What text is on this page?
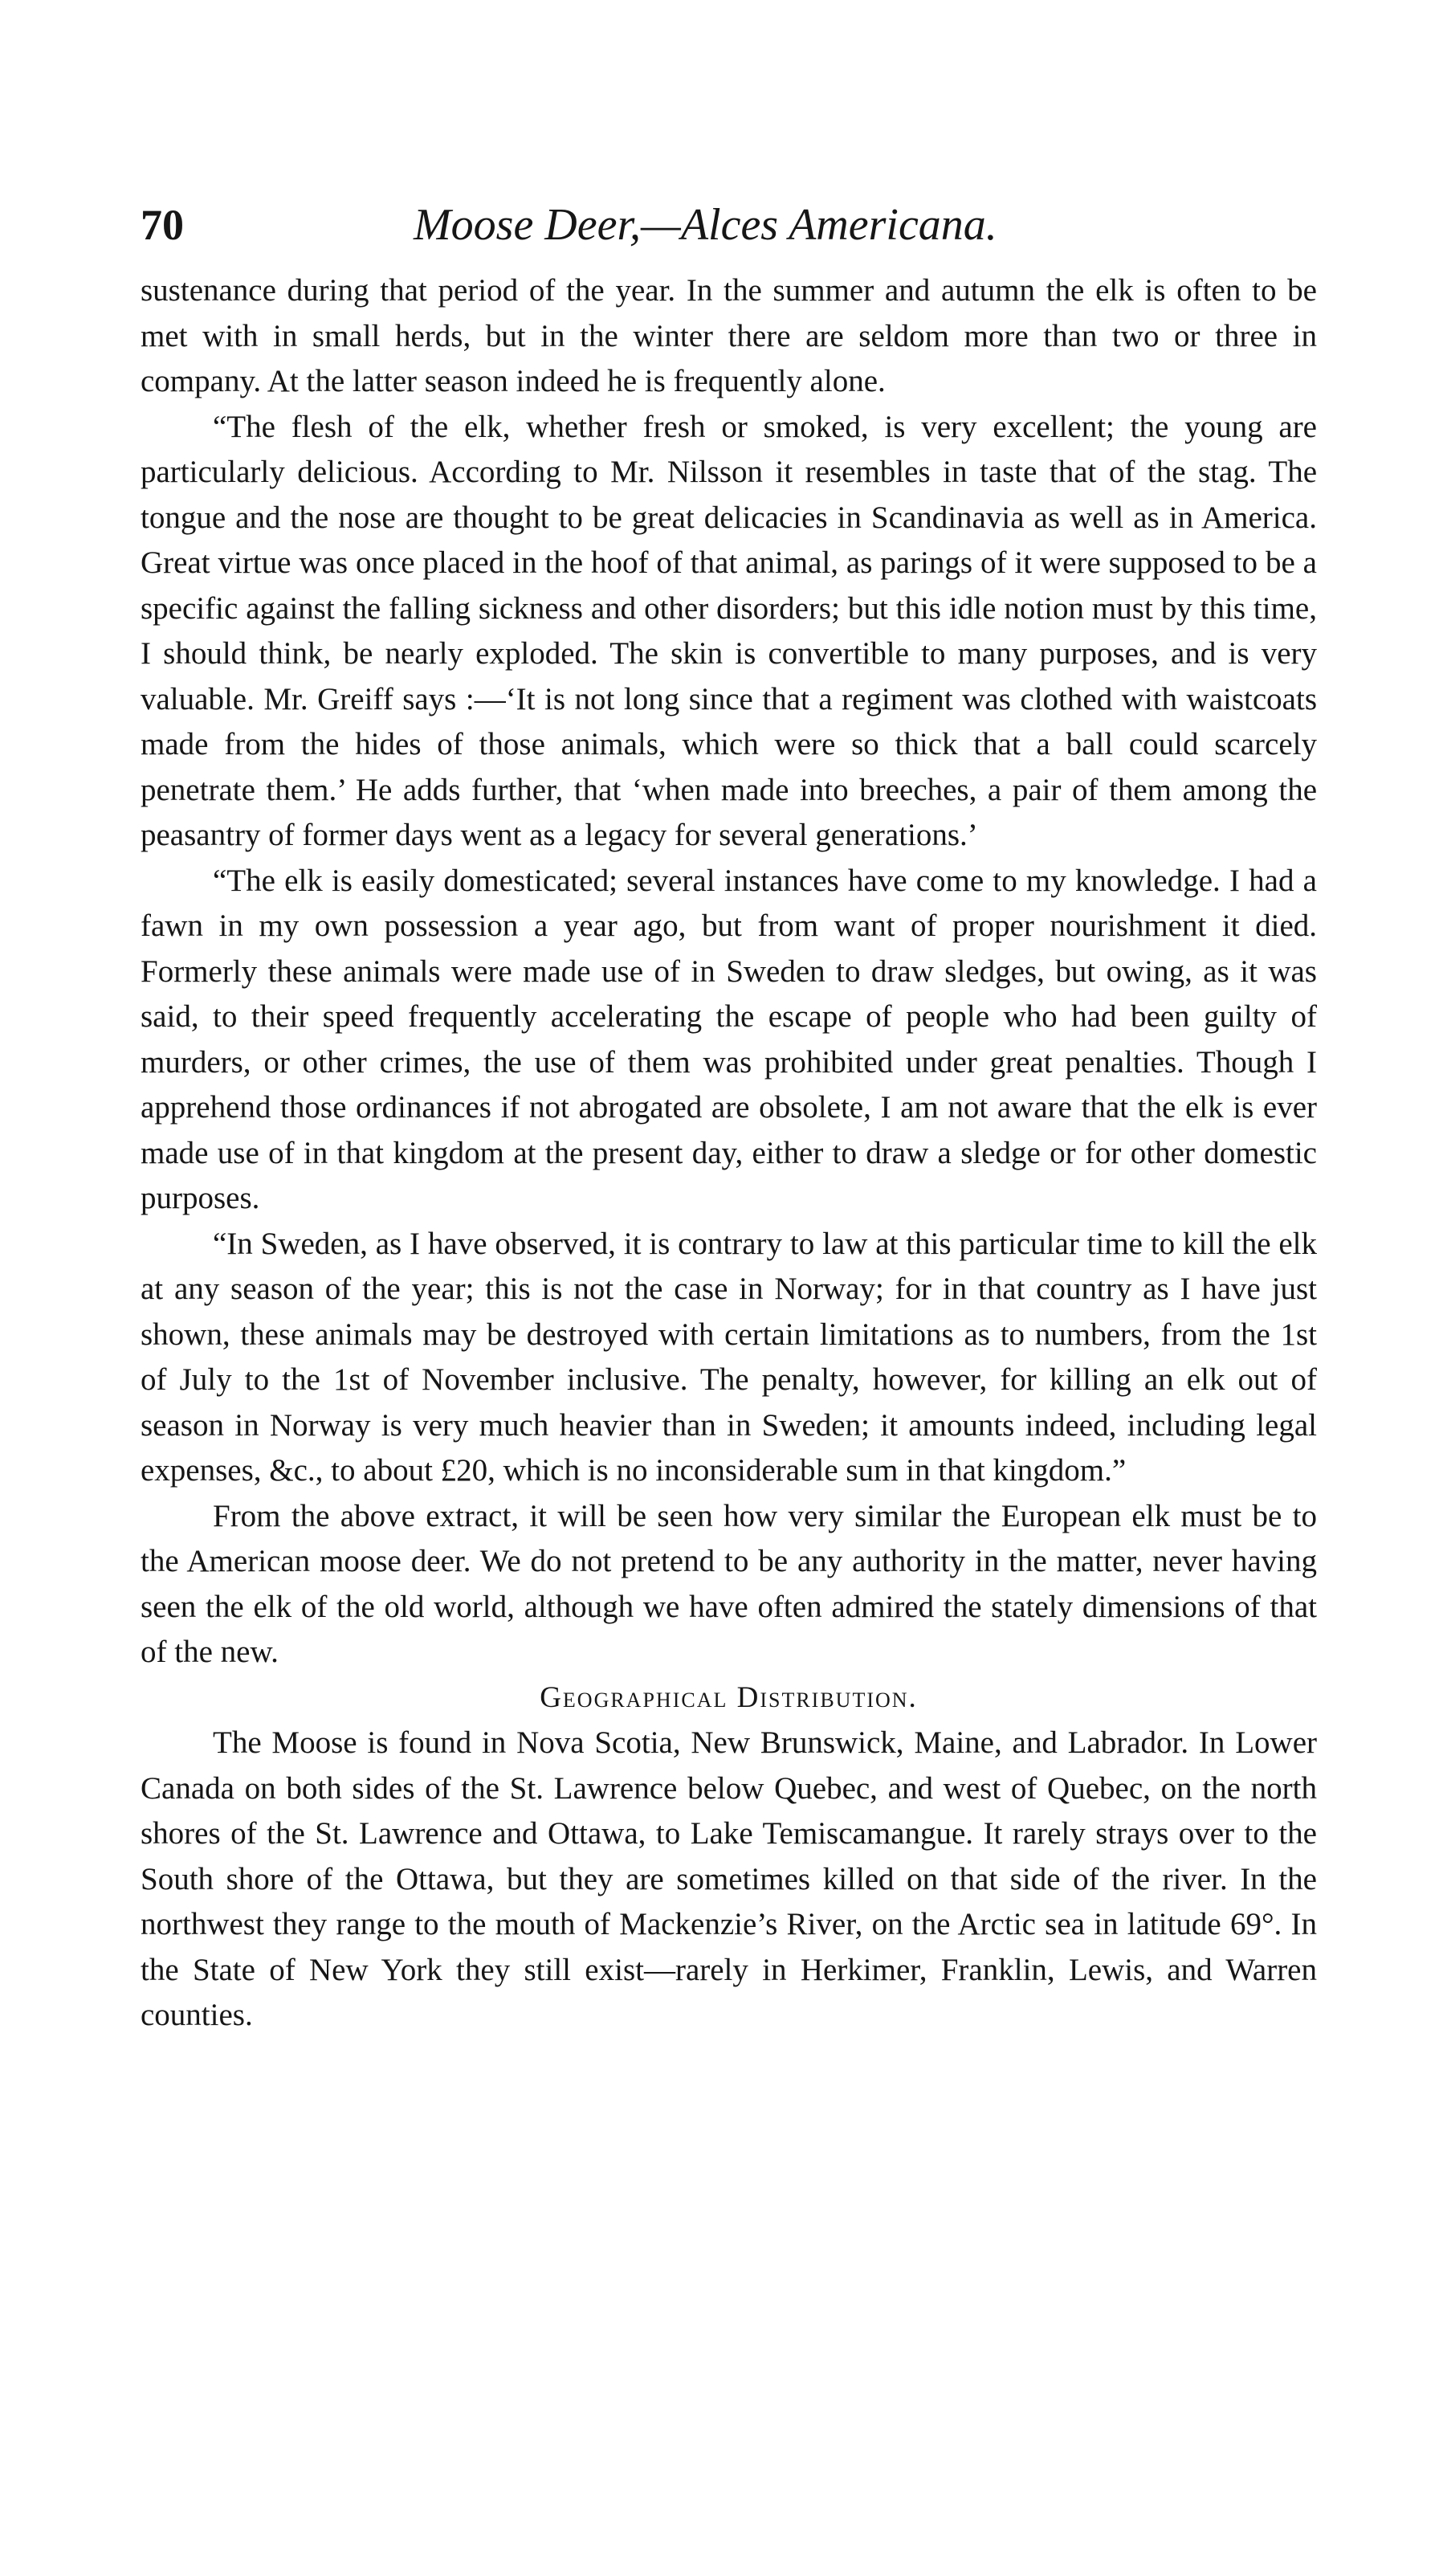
70	Moose Deer,—Alces Americana.

sustenance during that period of the year. In the summer and autumn the elk is often to be met with in small herds, but in the winter there are seldom more than two or three in company. At the latter season indeed he is frequently alone.

“The flesh of the elk, whether fresh or smoked, is very excellent; the young are particularly delicious. According to Mr. Nilsson it resembles in taste that of the stag. The tongue and the nose are thought to be great delicacies in Scandinavia as well as in America. Great virtue was once placed in the hoof of that animal, as parings of it were supposed to be a specific against the falling sickness and other disorders; but this idle notion must by this time, I should think, be nearly exploded. The skin is convertible to many purposes, and is very valuable. Mr. Greiff says :—‘It is not long since that a regiment was clothed with waistcoats made from the hides of those animals, which were so thick that a ball could scarcely penetrate them.’ He adds further, that ‘when made into breeches, a pair of them among the peasantry of former days went as a legacy for several generations.’

“The elk is easily domesticated; several instances have come to my knowledge. I had a fawn in my own possession a year ago, but from want of proper nourishment it died. Formerly these animals were made use of in Sweden to draw sledges, but owing, as it was said, to their speed frequently accelerating the escape of people who had been guilty of murders, or other crimes, the use of them was prohibited under great penalties. Though I apprehend those ordinances if not abrogated are obsolete, I am not aware that the elk is ever made use of in that kingdom at the present day, either to draw a sledge or for other domestic purposes.

“In Sweden, as I have observed, it is contrary to law at this particular time to kill the elk at any season of the year; this is not the case in Norway; for in that country as I have just shown, these animals may be destroyed with certain limitations as to numbers, from the 1st of July to the 1st of November inclusive. The penalty, however, for killing an elk out of season in Norway is very much heavier than in Sweden; it amounts indeed, including legal expenses, &c., to about £20, which is no inconsiderable sum in that kingdom.”

From the above extract, it will be seen how very similar the European elk must be to the American moose deer. We do not pretend to be any authority in the matter, never having seen the elk of the old world, although we have often admired the stately dimensions of that of the new.

Geographical Distribution.

The Moose is found in Nova Scotia, New Brunswick, Maine, and Labrador. In Lower Canada on both sides of the St. Lawrence below Quebec, and west of Quebec, on the north shores of the St. Lawrence and Ottawa, to Lake Temiscamangue. It rarely strays over to the South shore of the Ottawa, but they are sometimes killed on that side of the river. In the northwest they range to the mouth of Mackenzie’s River, on the Arctic sea in latitude 69°. In the State of New York they still exist—rarely in Herkimer, Franklin, Lewis, and Warren counties.
